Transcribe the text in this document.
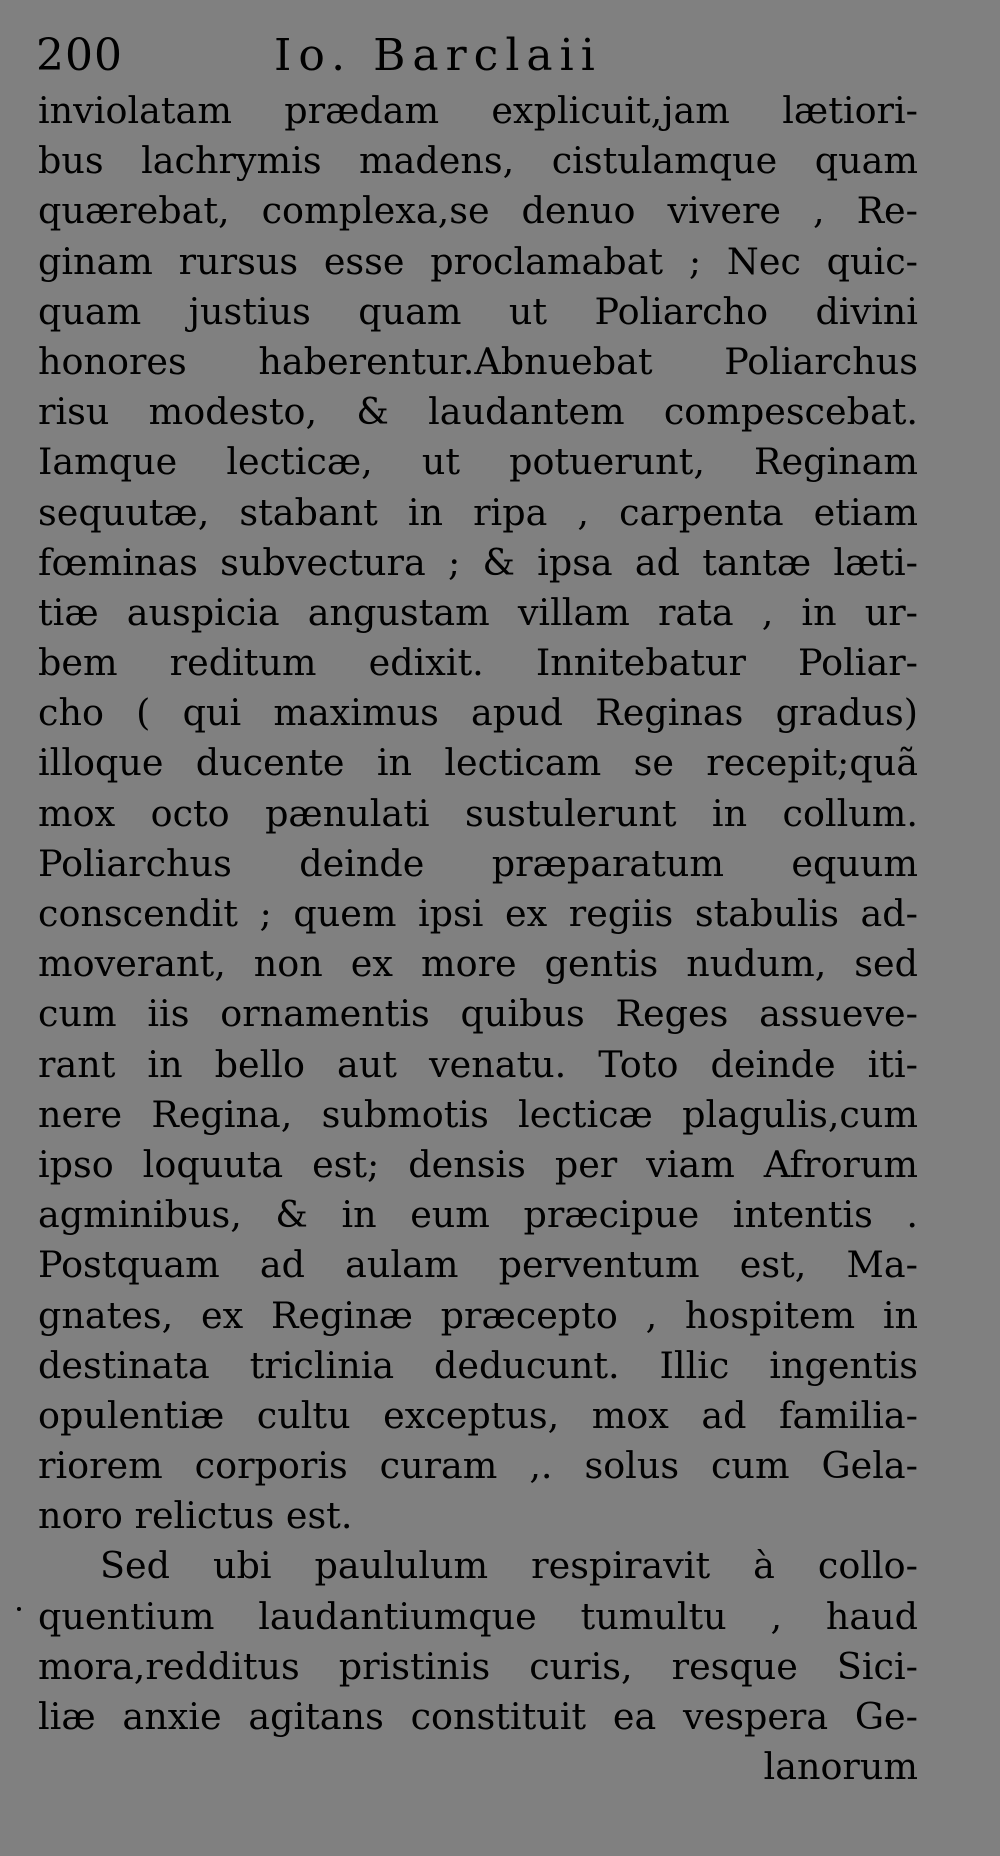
200	Io. Barclaii
inviolatam prædam explicuit,jam lætiori-
bus lachrymis madens, cistulamque quam
quærebat, complexa,se denuo vivere , Re-
ginam rursus esse proclamabat ; Nec quic-
quam justius quam ut Poliarcho divini
honores haberentur.Abnuebat Poliarchus
risu modesto, & laudantem compescebat.
Iamque lecticæ, ut potuerunt, Reginam
sequutæ, stabant in ripa , carpenta etiam
fœminas subvectura ; & ipsa ad tantæ læti-
tiæ auspicia angustam villam rata , in ur-
bem reditum edixit. Innitebatur Poliar-
cho ( qui maximus apud Reginas gradus)
illoque ducente in lecticam se recepit;quã
mox octo pænulati sustulerunt in collum.
Poliarchus deinde præparatum equum
conscendit ; quem ipsi ex regiis stabulis ad-
moverant, non ex more gentis nudum, sed
cum iis ornamentis quibus Reges assueve-
rant in bello aut venatu. Toto deinde iti-
nere Regina, submotis lecticæ plagulis,cum
ipso loquuta est; densis per viam Afrorum
agminibus, & in eum præcipue intentis .
Postquam ad aulam perventum est, Ma-
gnates, ex Reginæ præcepto , hospitem in
destinata triclinia deducunt. Illic ingentis
opulentiæ cultu exceptus, mox ad familia-
riorem corporis curam ,. solus cum Gela-
noro relictus est.
Sed ubi paululum respiravit à collo-
quentium laudantiumque tumultu , haud
mora,redditus pristinis curis, resque Sici-
liæ anxie agitans constituit ea vespera Ge-
lanorum
